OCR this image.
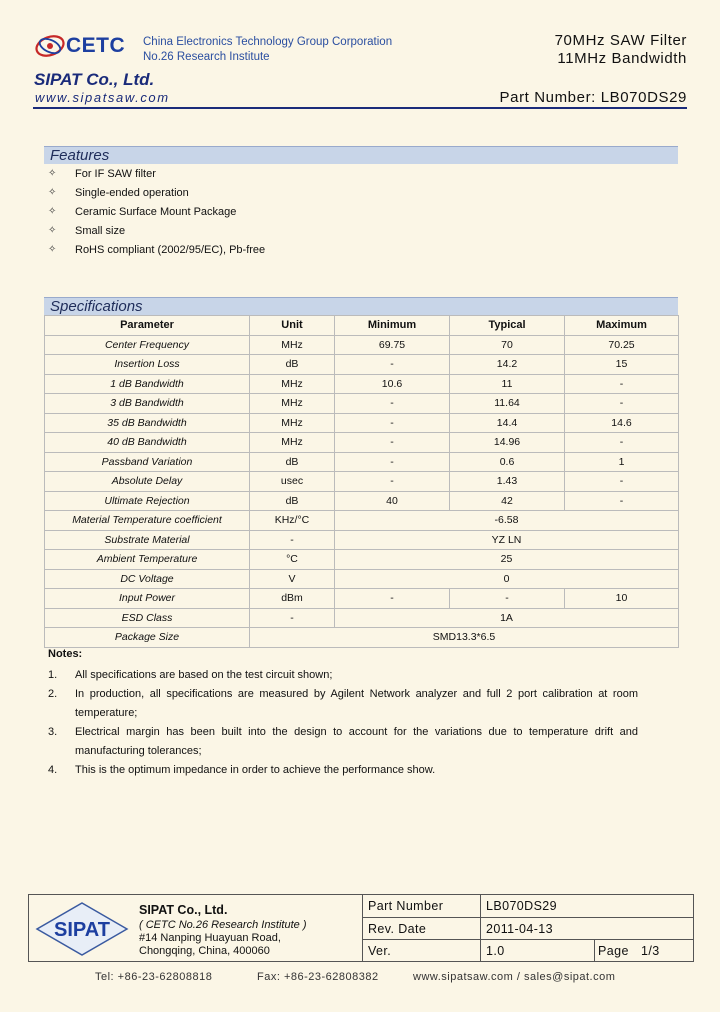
CETC China Electronics Technology Group Corporation
No.26 Research Institute
70MHz SAW Filter
11MHz Bandwidth
SIPAT Co., Ltd.
www.sipatsaw.com	Part Number: LB070DS29
Features
✧ For IF SAW filter
✧ Single-ended operation
✧ Ceramic Surface Mount Package
✧ Small size
✧ RoHS compliant (2002/95/EC), Pb-free
Specifications
Parameter	Unit	Minimum	Typical	Maximum
Center Frequency	MHz	69.75	70	70.25
Insertion Loss	dB	-	14.2	15
1 dB Bandwidth	MHz	10.6	11	-
3 dB Bandwidth	MHz	-	11.64	-
35 dB Bandwidth	MHz	-	14.4	14.6
40 dB Bandwidth	MHz	-	14.96	-
Passband Variation	dB	-	0.6	1
Absolute Delay	usec	-	1.43	-
Ultimate Rejection	dB	40	42	-
Material Temperature coefficient	KHz/°C	-6.58		
Substrate Material	-	YZ LN		
Ambient Temperature	°C	25		
DC Voltage	V	0		
Input Power	dBm	-	-	10
ESD Class	-	1A		
Package Size	SMD13.3*6.5			
Notes:
1. All specifications are based on the test circuit shown;
2. In production, all specifications are measured by Agilent Network analyzer and full 2 port calibration at room temperature;
3. Electrical margin has been built into the design to account for the variations due to temperature drift and manufacturing tolerances;
4. This is the optimum impedance in order to achieve the performance show.
SIPAT
SIPAT Co., Ltd.
( CETC No.26 Research Institute )
#14 Nanping Huayuan Road,
Chongqing, China, 400060
Part Number	LB070DS29
Rev. Date	2011-04-13
Ver.	1.0	Page 1/3
Tel: +86-23-62808818	Fax: +86-23-62808382	www.sipatsaw.com / sales@sipat.com
